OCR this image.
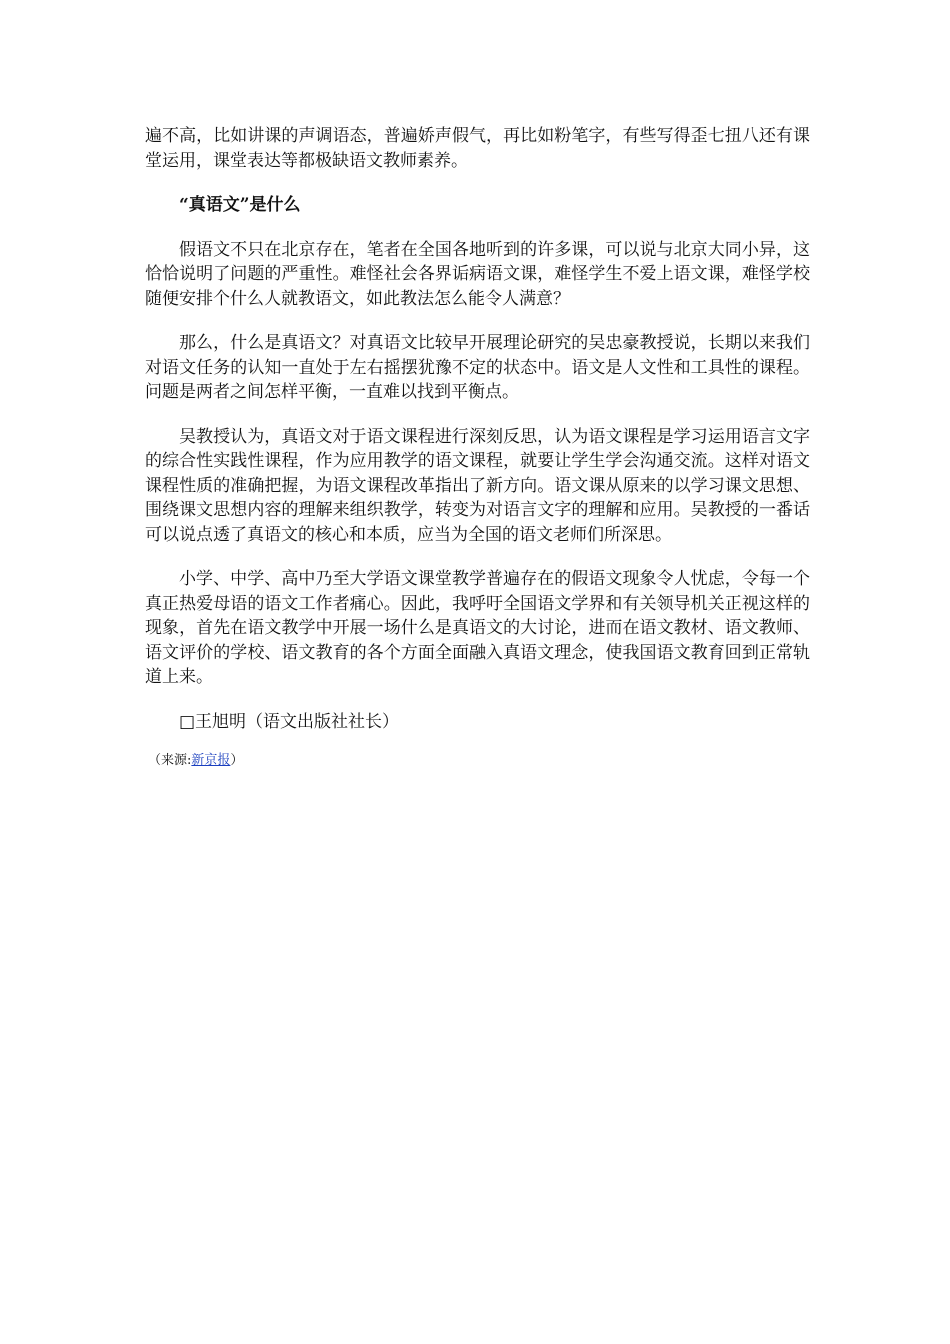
遍不高，比如讲课的声调语态，普遍娇声假气，再比如粉笔字，有些写得歪七扭八还有课堂运用，课堂表达等都极缺语文教师素养。

“真语文”是什么

假语文不只在北京存在，笔者在全国各地听到的许多课，可以说与北京大同小异，这恰恰说明了问题的严重性。难怪社会各界诟病语文课，难怪学生不爱上语文课，难怪学校随便安排个什么人就教语文，如此教法怎么能令人满意？

那么，什么是真语文？对真语文比较早开展理论研究的吴忠豪教授说，长期以来我们对语文任务的认知一直处于左右摇摆犹豫不定的状态中。语文是人文性和工具性的课程。问题是两者之间怎样平衡，一直难以找到平衡点。

吴教授认为，真语文对于语文课程进行深刻反思，认为语文课程是学习运用语言文字的综合性实践性课程，作为应用教学的语文课程，就要让学生学会沟通交流。这样对语文课程性质的准确把握，为语文课程改革指出了新方向。语文课从原来的以学习课文思想、围绕课文思想内容的理解来组织教学，转变为对语言文字的理解和应用。吴教授的一番话可以说点透了真语文的核心和本质，应当为全国的语文老师们所深思。

小学、中学、高中乃至大学语文课堂教学普遍存在的假语文现象令人忧虑，令每一个真正热爱母语的语文工作者痛心。因此，我呼吁全国语文学界和有关领导机关正视这样的现象，首先在语文教学中开展一场什么是真语文的大讨论，进而在语文教材、语文教师、语文评价的学校、语文教育的各个方面全面融入真语文理念，使我国语文教育回到正常轨道上来。

□王旭明（语文出版社社长）

（来源:新京报）
